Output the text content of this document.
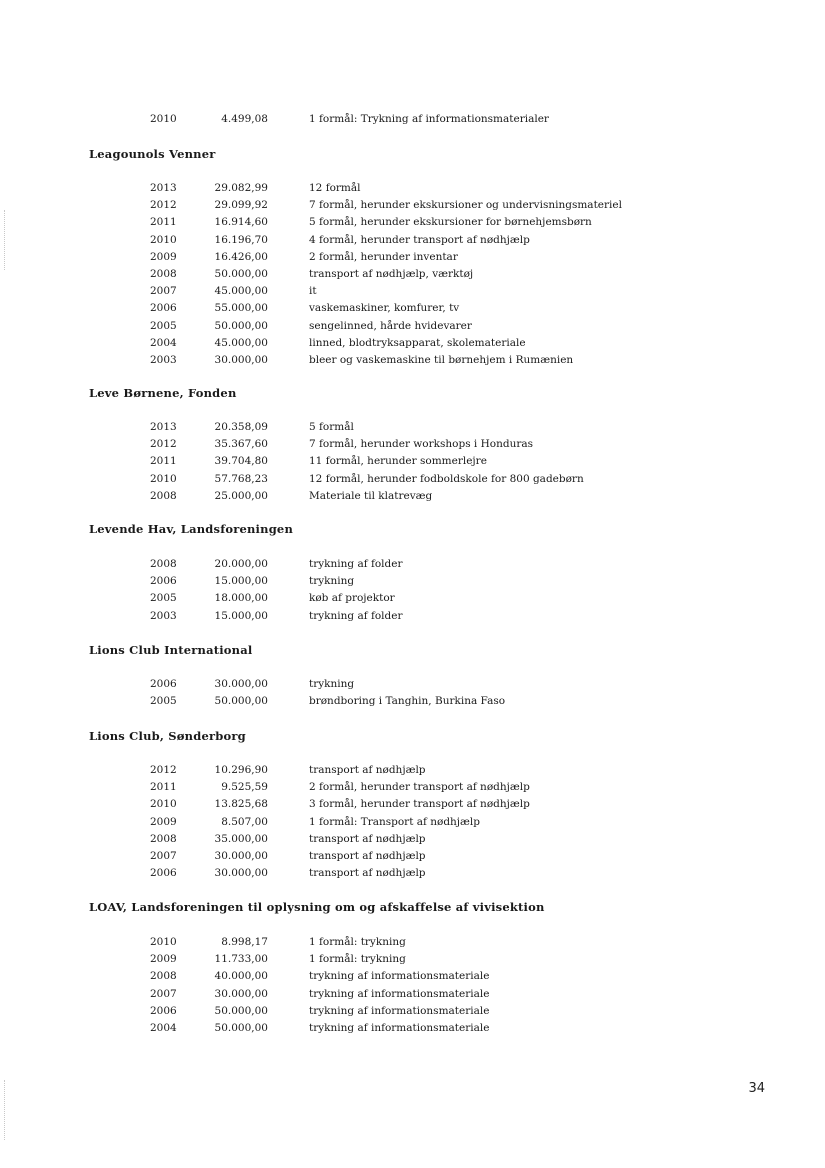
2010	4.499,08	1 formål: Trykning af informationsmaterialer
Leagounols Venner
2013	29.082,99	12 formål
2012	29.099,92	7 formål, herunder ekskursioner og undervisningsmateriel
2011	16.914,60	5 formål, herunder ekskursioner for børnehjemsbørn
2010	16.196,70	4 formål, herunder transport af nødhjælp
2009	16.426,00	2 formål, herunder inventar
2008	50.000,00	transport af nødhjælp, værktøj
2007	45.000,00	it
2006	55.000,00	vaskemaskiner, komfurer, tv
2005	50.000,00	sengelinned, hårde hvidevarer
2004	45.000,00	linned, blodtryksapparat, skolemateriale
2003	30.000,00	bleer og vaskemaskine til børnehjem i Rumænien
Leve Børnene, Fonden
2013	20.358,09	5 formål
2012	35.367,60	7 formål, herunder workshops i Honduras
2011	39.704,80	11 formål, herunder sommerlejre
2010	57.768,23	12 formål, herunder fodboldskole for 800 gadebørn
2008	25.000,00	Materiale til klatrevæg
Levende Hav, Landsforeningen
2008	20.000,00	trykning af folder
2006	15.000,00	trykning
2005	18.000,00	køb af projektor
2003	15.000,00	trykning af folder
Lions Club International
2006	30.000,00	trykning
2005	50.000,00	brøndboring i Tanghin, Burkina Faso
Lions Club, Sønderborg
2012	10.296,90	transport af nødhjælp
2011	9.525,59	2 formål, herunder transport af nødhjælp
2010	13.825,68	3 formål, herunder transport af nødhjælp
2009	8.507,00	1 formål: Transport af nødhjælp
2008	35.000,00	transport af nødhjælp
2007	30.000,00	transport af nødhjælp
2006	30.000,00	transport af nødhjælp
LOAV, Landsforeningen til oplysning om og afskaffelse af vivisektion
2010	8.998,17	1 formål: trykning
2009	11.733,00	1 formål: trykning
2008	40.000,00	trykning af informationsmateriale
2007	30.000,00	trykning af informationsmateriale
2006	50.000,00	trykning af informationsmateriale
2004	50.000,00	trykning af informationsmateriale
34
